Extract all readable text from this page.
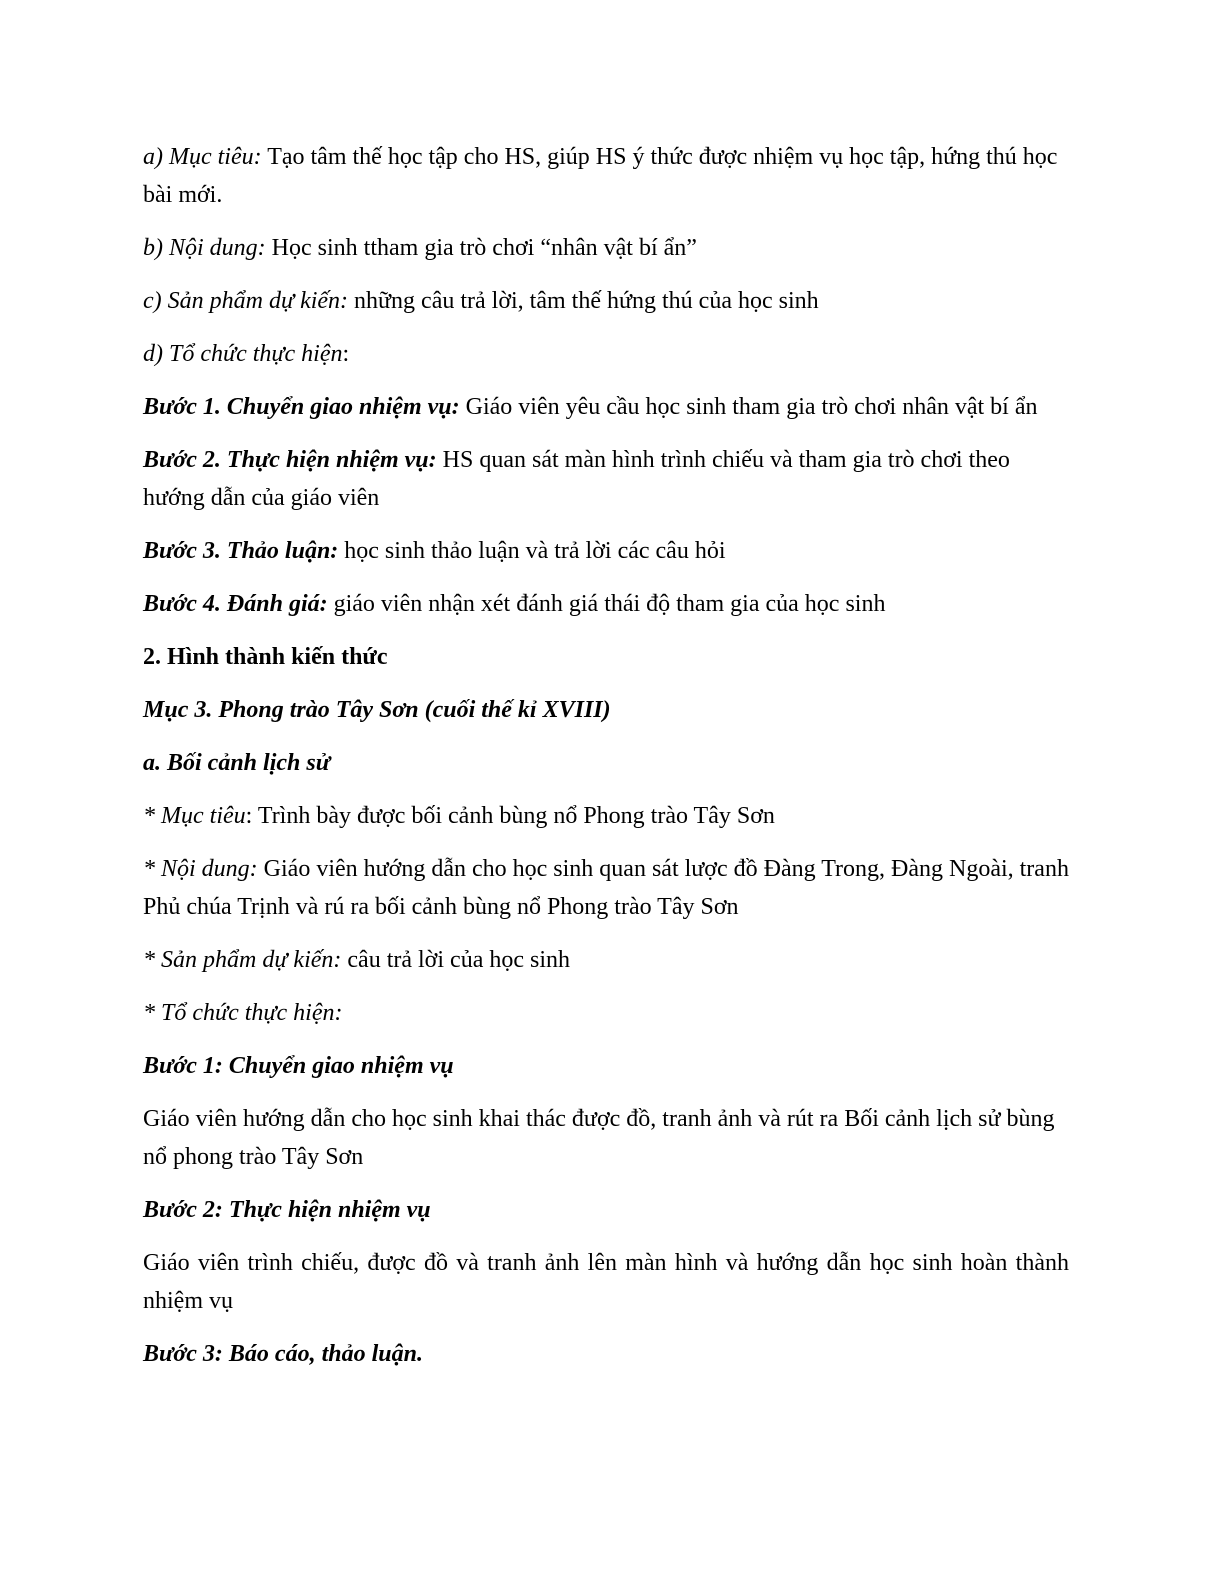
a) Mục tiêu: Tạo tâm thế học tập cho HS, giúp HS ý thức được nhiệm vụ học tập, hứng thú học bài mới.

b) Nội dung: Học sinh ttham gia trò chơi “nhân vật bí ẩn”

c) Sản phẩm dự kiến: những câu trả lời, tâm thế hứng thú của học sinh

d) Tổ chức thực hiện:

Bước 1. Chuyển giao nhiệm vụ: Giáo viên yêu cầu học sinh tham gia trò chơi nhân vật bí ẩn

Bước 2. Thực hiện nhiệm vụ: HS quan sát màn hình trình chiếu và tham gia trò chơi theo hướng dẫn của giáo viên

Bước 3. Thảo luận: học sinh thảo luận và trả lời các câu hỏi

Bước 4. Đánh giá: giáo viên nhận xét đánh giá thái độ tham gia của học sinh

2. Hình thành kiến thức

Mục 3. Phong trào Tây Sơn (cuối thế kỉ XVIII)

a. Bối cảnh lịch sử

* Mục tiêu: Trình bày được bối cảnh bùng nổ Phong trào Tây Sơn

* Nội dung: Giáo viên hướng dẫn cho học sinh quan sát lược đồ Đàng Trong, Đàng Ngoài, tranh Phủ chúa Trịnh và rú ra bối cảnh bùng nổ Phong trào Tây Sơn

* Sản phẩm dự kiến: câu trả lời của học sinh

* Tổ chức thực hiện:

Bước 1: Chuyển giao nhiệm vụ

Giáo viên hướng dẫn cho học sinh khai thác được đồ, tranh ảnh và rút ra Bối cảnh lịch sử bùng nổ phong trào Tây Sơn

Bước 2: Thực hiện nhiệm vụ

Giáo viên trình chiếu, được đồ và tranh ảnh lên màn hình và hướng dẫn học sinh hoàn thành nhiệm vụ

Bước 3: Báo cáo, thảo luận.
